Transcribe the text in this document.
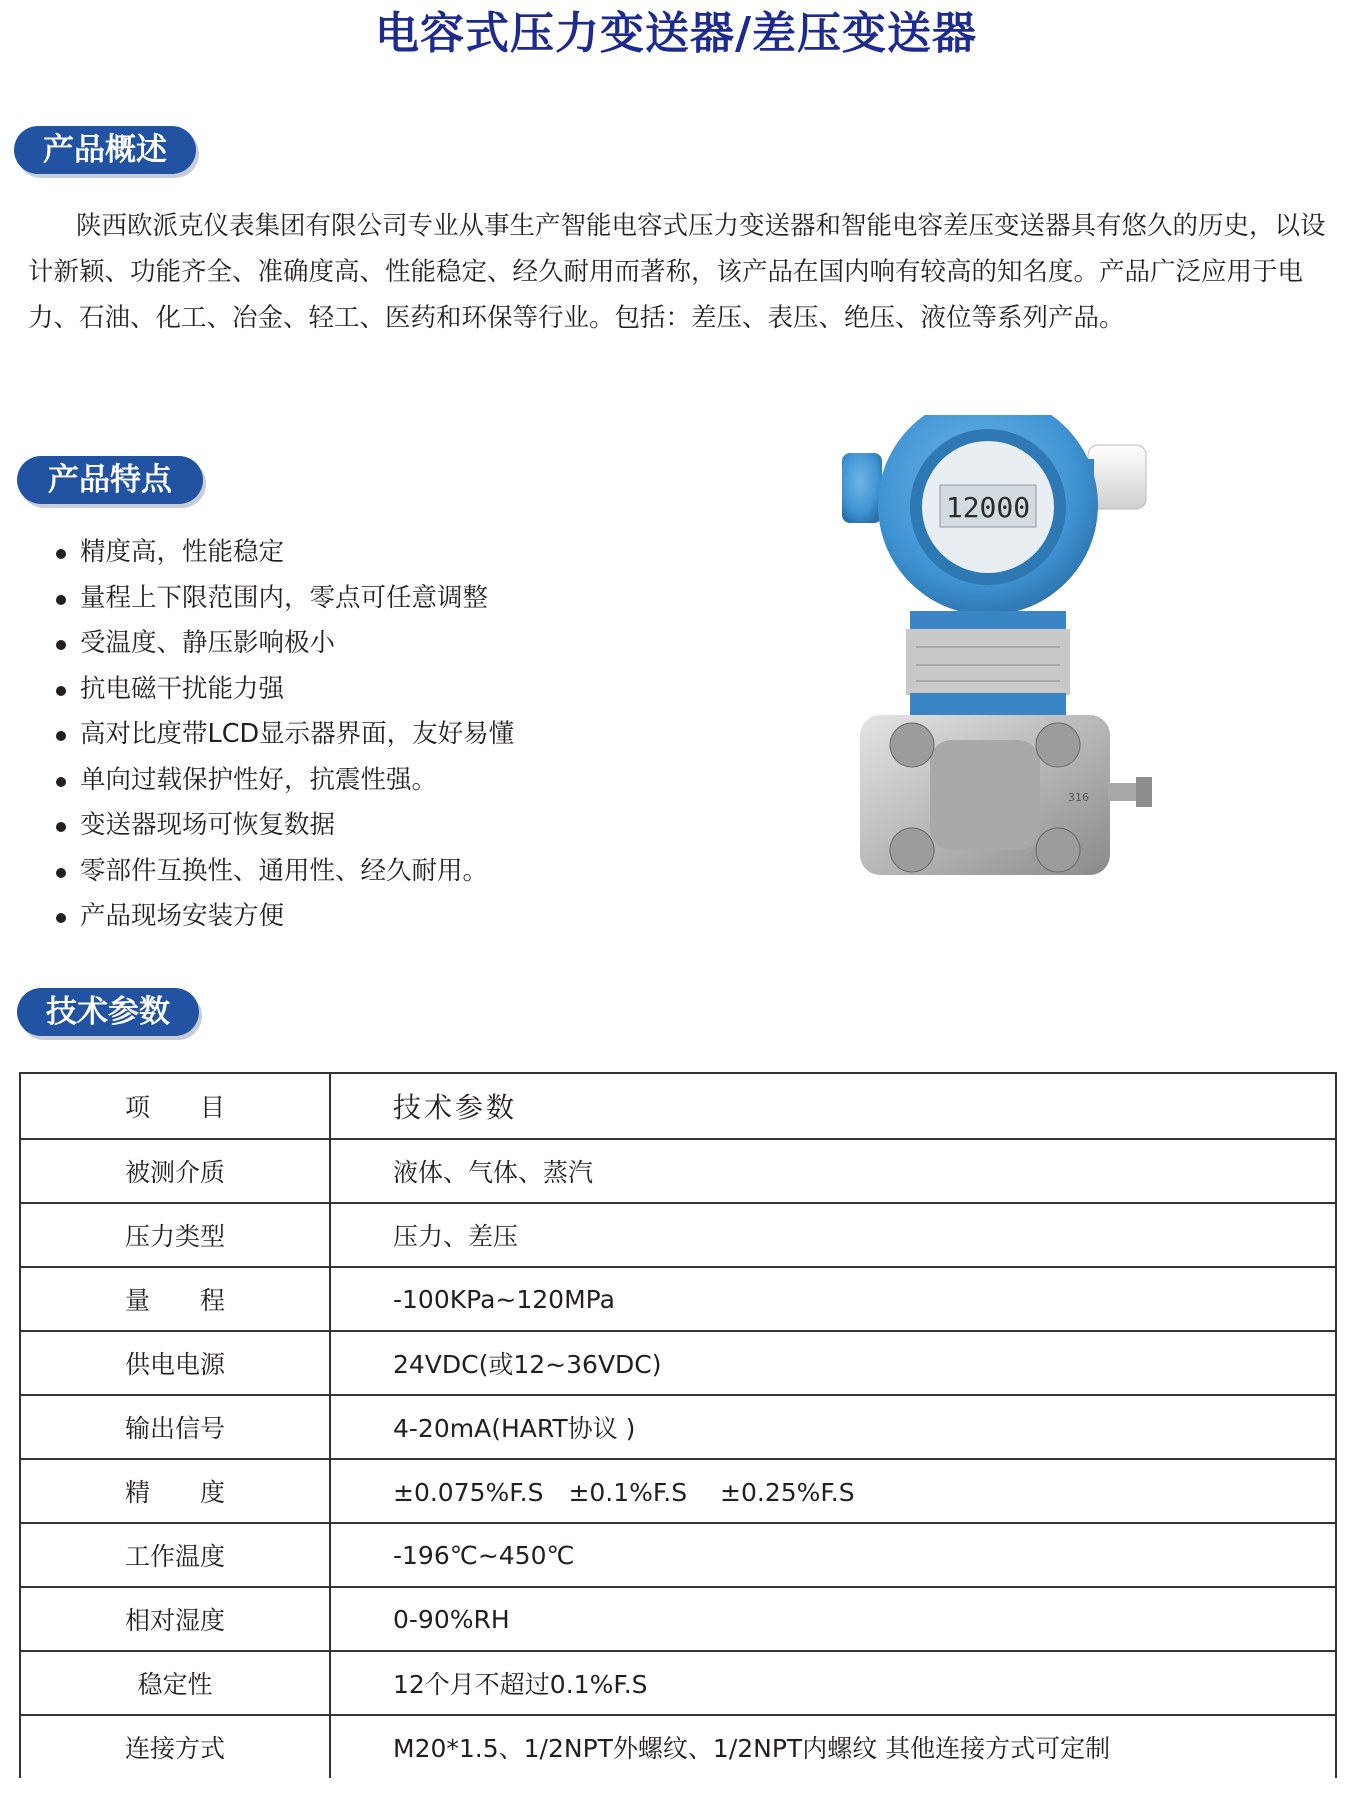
电容式压力变送器/差压变送器
产品概述

陕西欧派克仪表集团有限公司专业从事生产智能电容式压力变送器和智能电容差压变送器具有悠久的历史，以设计新颖、功能齐全、准确度高、性能稳定、经久耐用而著称，该产品在国内响有较高的知名度。产品广泛应用于电力、石油、化工、冶金、轻工、医药和环保等行业。包括：差压、表压、绝压、液位等系列产品。

产品特点
精度高，性能稳定
量程上下限范围内，零点可任意调整
受温度、静压影响极小
抗电磁干扰能力强
高对比度带LCD显示器界面，友好易懂
单向过载保护性好，抗震性强。
变送器现场可恢复数据
零部件互换性、通用性、经久耐用。
产品现场安装方便
12000
316
技术参数
项　　目	技术参数
被测介质	液体、气体、蒸汽
压力类型	压力、差压
量　　程	-100KPa~120MPa
供电电源	24VDC(或12~36VDC)
输出信号	4-20mA(HART协议 )
精　　度	±0.075%F.S　±0.1%F.S　 ±0.25%F.S
工作温度	-196℃~450℃
相对湿度	0-90%RH
稳定性	12个月不超过0.1%F.S
连接方式	M20*1.5、1/2NPT外螺纹、1/2NPT内螺纹 其他连接方式可定制
